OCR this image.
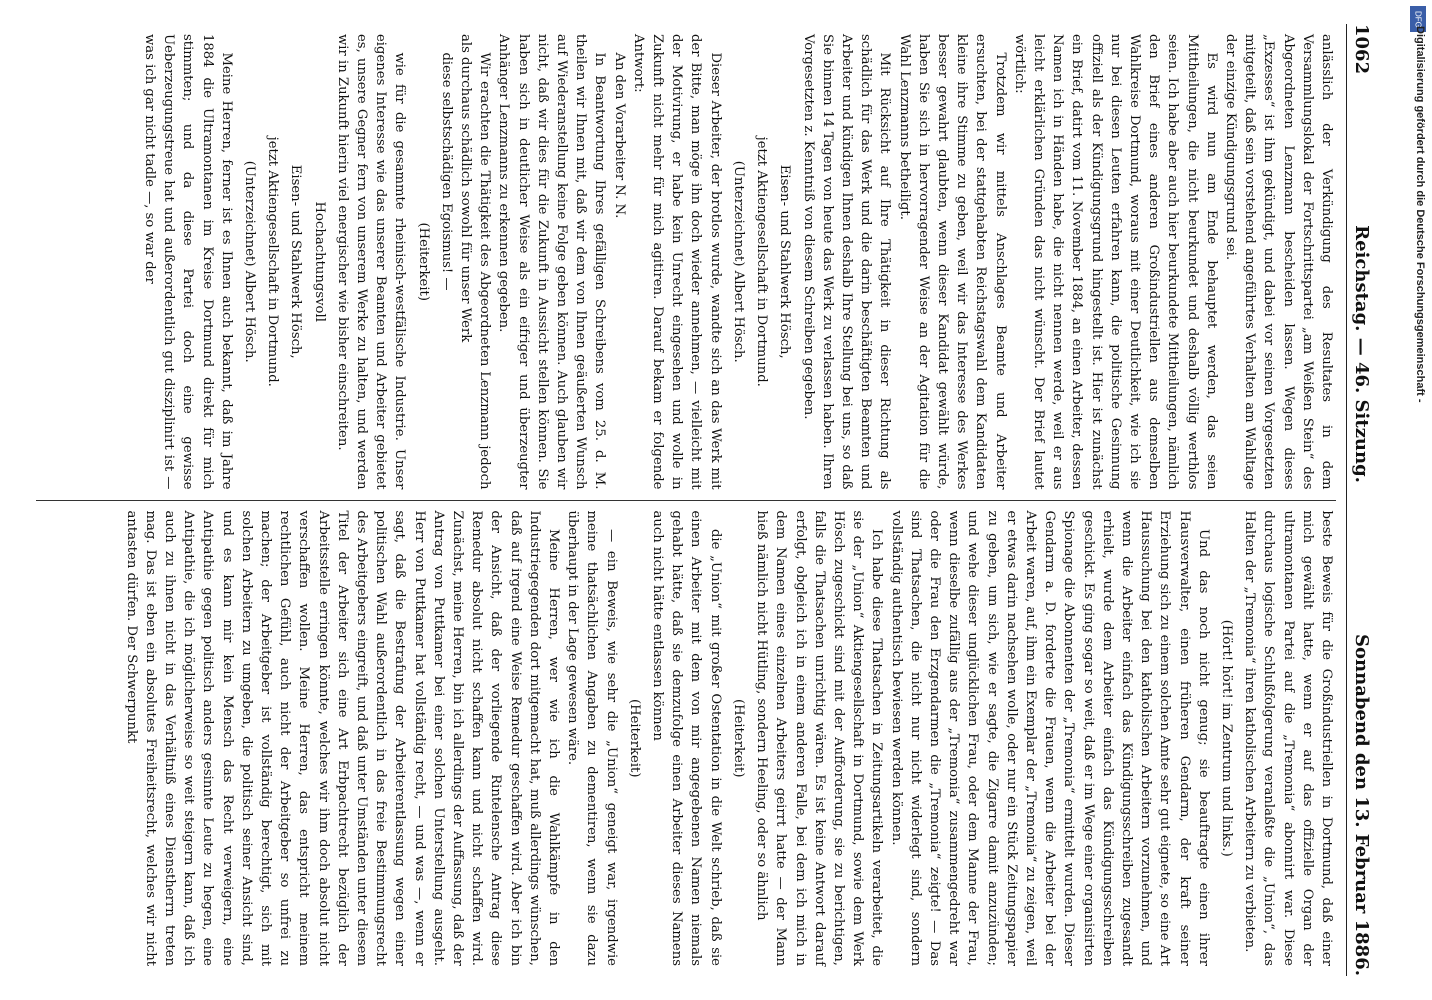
DFG
Digitalisierung gefördert durch die Deutsche Forschungsgemeinschaft -
1062
Reichstag. — 46. Sitzung.
Sonnabend den 13. Februar 1886.

anlässlich der Verkündigung des Resultates in dem Versammlungslokal der Fortschrittspartei „am Weißen Stein“ des Abgeordneten Lenzmann bescheiden lassen. Wegen dieses „Exzesses“ ist ihm gekündigt, und dabei vor seinen Vorgesetzten mitgeteilt, daß sein vorstehend angeführtes Verhalten am Wahltage der einzige Kündigungsgrund sei.

Es wird nun am Ende behauptet werden, das seien Mittheilungen, die nicht beurkundet und deshalb völlig werthlos seien. Ich habe aber auch hier beurkundete Mittheilungen, nämlich den Brief eines anderen Großindustriellen aus demselben Wahlkreise Dortmund, woraus mit einer Deutlichkeit, wie ich sie nur bei diesen Leuten erfahren kann, die politische Gesinnung offiziell als der Kündigungsgrund hingestellt ist. Hier ist zunächst ein Brief, datirt vom 11. November 1884, an einen Arbeiter, dessen Namen ich in Händen habe, die nicht nennen werde, weil er aus leicht erklärlichen Gründen das nicht wünscht. Der Brief lautet wörtlich:

Trotzdem wir mittels Anschlages Beamte und Arbeiter ersuchten, bei der stattgehabten Reichstagswahl dem Kandidaten kleine ihre Stimme zu geben, weil wir das Interesse des Werkes besser gewahrt glaubten, wenn dieser Kandidat gewählt würde, haben Sie sich in hervorragender Weise an der Agitation für die Wahl Lenzmanns betheiligt.

Mit Rücksicht auf Ihre Thätigkeit in dieser Richtung als schädlich für das Werk und die darin beschäftigten Beamten und Arbeiter und kündigen Ihnen deshalb Ihre Stellung bei uns, so daß Sie binnen 14 Tagen von heute das Werk zu verlassen haben. Ihren Vorgesetzten z. Kenntniß von diesem Schreiben gegeben.

Eisen- und Stahlwerk Hösch,

jetzt Aktiengesellschaft in Dortmund.

(Unterzeichnet) Albert Hösch.

Dieser Arbeiter, der brotlos wurde, wandte sich an das Werk mit der Bitte, man möge ihn doch wieder annehmen, — vielleicht mit der Motivirung, er habe kein Unrecht eingesehen und wolle in Zukunft nicht mehr für mich agitiren. Darauf bekam er folgende Antwort:

An den Vorarbeiter N. N.

In Beantwortung Ihres gefälligen Schreibens vom 25. d. M. theilen wir Ihnen mit, daß wir dem von Ihnen geäußerten Wunsch auf Wiederanstellung keine Folge geben können. Auch glauben wir nicht, daß wir dies für die Zukunft in Aussicht stellen können. Sie haben sich in deutlicher Weise als ein eifriger und überzeugter Anhänger Lenzmanns zu erkennen gegeben.

Wir erachten die Thätigkeit des Abgeordneten Lenzmann jedoch als durchaus schädlich sowohl für unser Werk

diese selbstschädigen Egoismus! —

(Heiterkeit)

wie für die gesammte rheinisch-westfälische Industrie. Unser eigenes Interesse wie das unserer Beamten und Arbeiter gebietet es, unsere Gegner fern von unserem Werke zu halten, und werden wir in Zukunft hierin viel energischer wie bisher einschreiten.

Hochachtungsvoll

Eisen- und Stahlwerk Hösch,

jetzt Aktiengesellschaft in Dortmund.

(Unterzeichnet) Albert Hösch.

Meine Herren, ferner ist es Ihnen auch bekannt, daß im Jahre 1884 die Ultramontanen im Kreise Dortmund direkt für mich stimmten; und da diese Partei doch eine gewisse Ueberzeugungstreue hat und außerordentlich gut disziplinirt ist — was ich gar nicht tadle —, so war der

beste Beweis für die Großindustriellen in Dortmund, daß einer mich gewählt hatte, wenn er auf das offizielle Organ der ultramontanen Partei auf die „Tremonia“ abonnirt war. Diese durchaus logische Schlußfolgerung veranlaßte die „Union“, das Halten der „Tremonia“ ihren katholischen Arbeitern zu verbieten.

(Hört! hört! im Zentrum und links.)

Und das noch nicht genug; sie beauftragte einen ihrer Hausverwalter, einen früheren Gendarm, der kraft seiner Erziehung sich zu einem solchen Amte sehr gut eignete, so eine Art Haussuchung bei den katholischen Arbeitern vorzunehmen, und wenn die Arbeiter einfach das Kündigungsschreiben zugesandt erhielt, wurde dem Arbeiter einfach das Kündigungsschreiben geschickt. Es ging sogar so weit, daß er im Wege einer organisirten Spionage die Abonnenten der „Tremonia“ ermittelt wurden. Dieser Gendarm a. D. forderte die Frauen, wenn die Arbeiter bei der Arbeit waren, auf, ihm ein Exemplar der „Tremonia“ zu zeigen, weil er etwas darin nachsehen wolle, oder nur ein Stück Zeitungspapier zu geben, um sich, wie er sagte, die Zigarre damit anzuzünden; und wehe dieser unglücklichen Frau, oder dem Manne der Frau, wenn dieselbe zufällig aus der „Tremonia“ zusammengedreht war oder die Frau den Erzgendarmen die „Tremonia“ zeigte! — Das sind Thatsachen, die nicht nur nicht widerlegt sind, sondern vollständig authentisch bewiesen werden können.

Ich habe diese Thatsachen in Zeitungsartikeln verarbeitet, die sie der „Union“ Aktiengesellschaft in Dortmund, sowie dem Werk Hösch zugeschickt sind mit der Aufforderung, sie zu berichtigen, falls die Thatsachen unrichtig wären. Es ist keine Antwort darauf erfolgt, obgleich ich in einem anderen Falle, bei dem ich mich in dem Namen eines einzelnen Arbeiters geirrt hatte — der Mann hieß nämlich nicht Hütling, sondern Heeling, oder so ähnlich

(Heiterkeit)

die „Union“ mit großer Ostentation in die Welt schrieb, daß sie einen Arbeiter mit dem von mir angegebenen Namen niemals gehabt hätte, daß sie demzufolge einen Arbeiter dieses Namens auch nicht hätte entlassen können

(Heiterkeit)

— ein Beweis, wie sehr die „Union“ geneigt war, irgendwie meine thatsächlichen Angaben zu dementiren, wenn sie dazu überhaupt in der Lage gewesen wäre.

Meine Herren, wer wie ich die Wahlkämpfe in den Industriegegenden dort mitgemacht hat, muß allerdings wünschen, daß auf irgend eine Weise Remedur geschaffen wird. Aber ich bin der Ansicht, daß der vorliegende Rintelensche Antrag diese Remedur absolut nicht schaffen kann und nicht schaffen wird. Zunächst, meine Herren, bin ich allerdings der Auffassung, daß der Antrag von Puttkamer bei einer solchen Unterstellung ausgeht. Herr von Puttkamer hat vollständig recht, — und was —, wenn er sagt, daß die Bestrafung der Arbeiterentlassung wegen einer politischen Wahl außerordentlich in das freie Bestimmungsrecht des Arbeitgebers eingreift, und daß unter Umständen unter diesem Titel der Arbeiter sich eine Art Erbpachtrecht bezüglich der Arbeitsstelle erringen könnte, welches wir ihm doch absolut nicht verschaffen wollen. Meine Herren, das entspricht meinem rechtlichen Gefühl, auch nicht der Arbeitgeber so unfrei zu machen; der Arbeitgeber ist vollständig berechtigt, sich mit solchen Arbeitern zu umgeben, die politisch seiner Ansicht sind, und es kann mir kein Mensch das Recht verweigern, eine Antipathie gegen politisch anders gesinnte Leute zu hegen, eine Antipathie, die ich möglicherweise so weit steigern kann, daß ich auch zu ihnen nicht in das Verhältniß eines Dienstherrn treten mag. Das ist eben ein absolutes Freiheitsrecht, welches wir nicht antasten dürfen. Der Schwerpunkt
